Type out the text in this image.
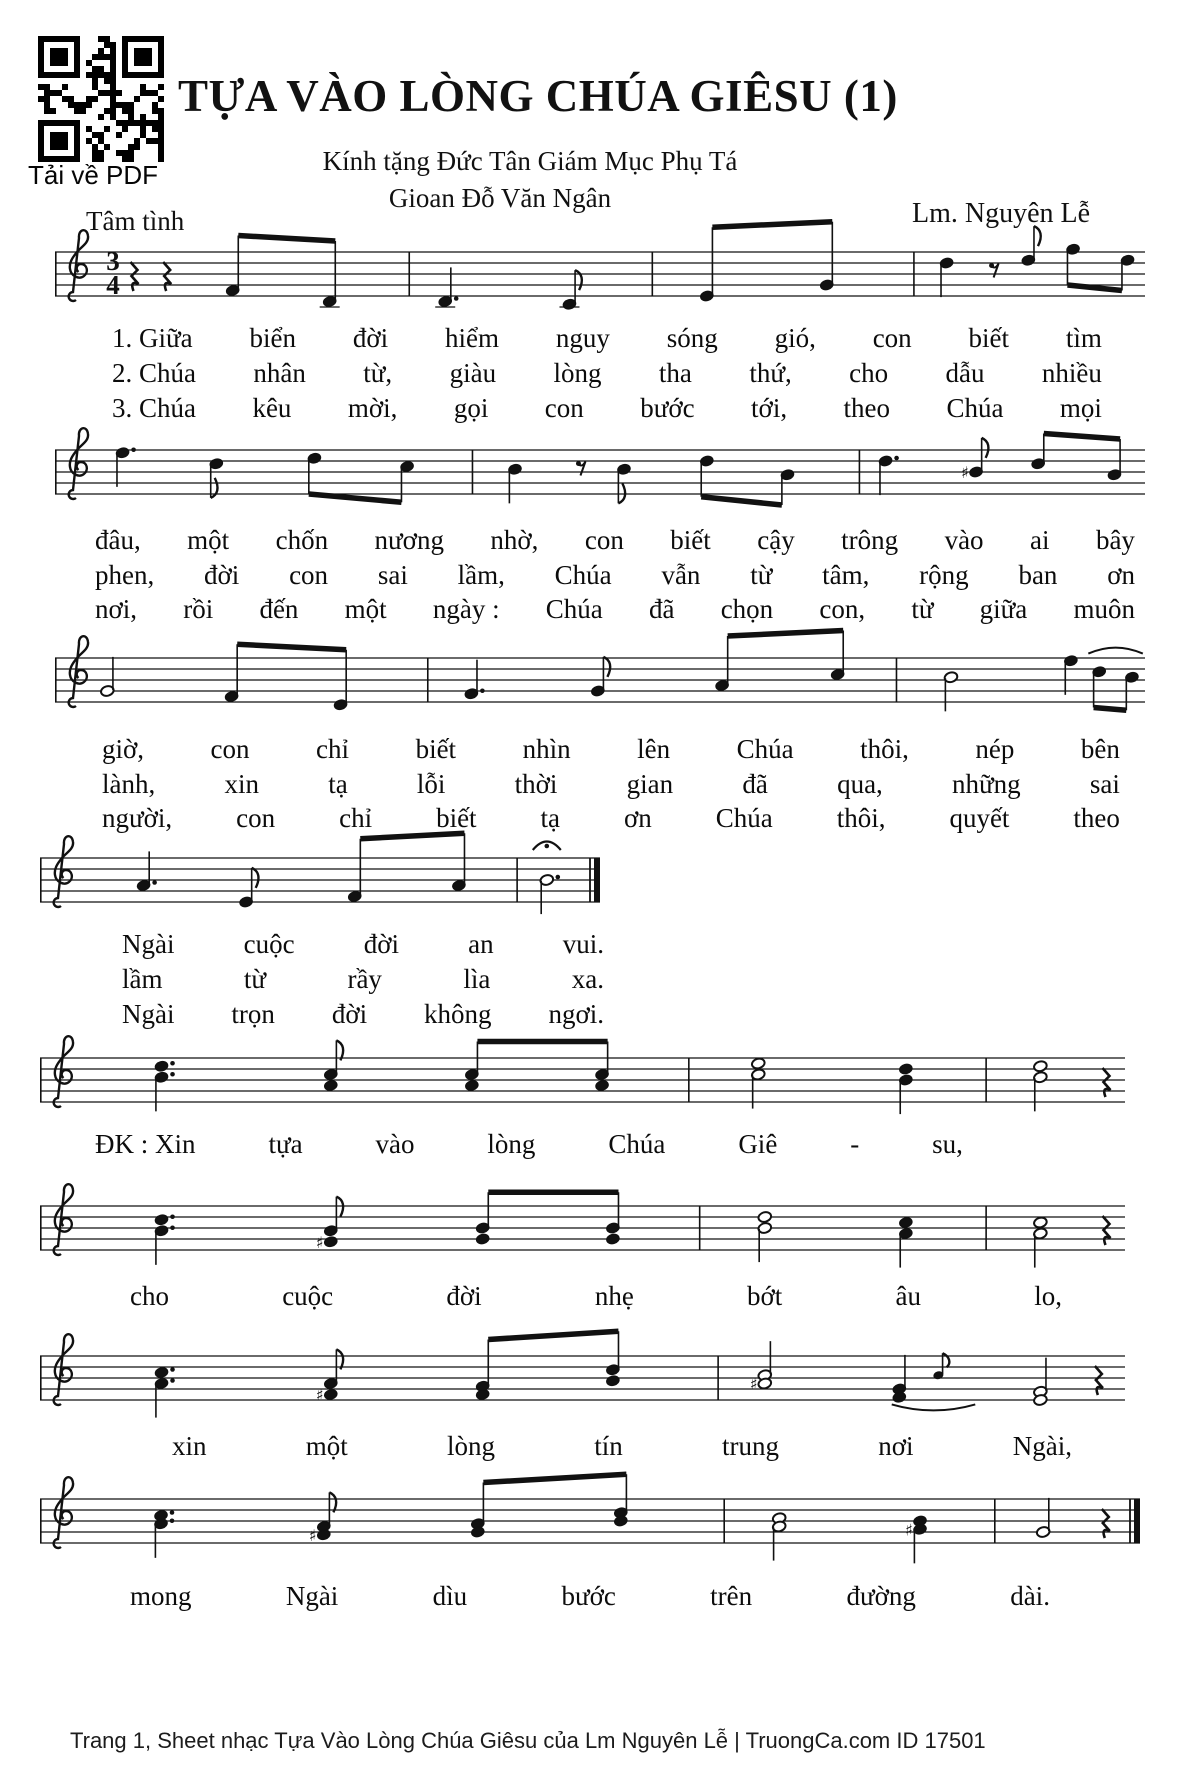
Tải về PDF
TỰA VÀO LÒNG CHÚA GIÊSU (1)
Kính tặng Đức Tân Giám Mục Phụ Tá
Gioan Đỗ Văn Ngân
Tâm tình	Lm. Nguyên Lễ
3
4
♯
♯
♯
♯
♯	♯
1. Giữa biển đời hiểm nguy sóng gió, con biết tìm
2. Chúa nhân từ, giàu lòng tha thứ, cho dẫu nhiều
3. Chúa kêu mời, gọi con bước tới, theo Chúa mọi
đâu, một chốn nương nhờ, con biết cậy trông vào ai bây
phen, đời con sai lầm, Chúa vẫn từ tâm, rộng ban ơn
nơi, rồi đến một ngày : Chúa đã chọn con, từ giữa muôn
giờ, con chỉ biết nhìn lên Chúa thôi, nép bên
lành,	xin	tạ	lỗi	thời	gian	đã	qua,	những	sai
người, con chỉ biết tạ ơn Chúa thôi, quyết theo
Ngài	cuộc	đời	an	vui.
lầm	từ	rầy	lìa	xa.
Ngài trọn đời không ngơi.
ĐK : Xin	tựa	vào	lòng	Chúa	Giê	-	su,
cho	cuộc	đời	nhẹ	bớt	âu	lo,
xin	một	lòng	tín	trung	nơi	Ngài,
mong	Ngài	dìu	bước	trên	đường	dài.
Trang 1, Sheet nhạc Tựa Vào Lòng Chúa Giêsu của Lm Nguyên Lễ | TruongCa.com ID 17501
